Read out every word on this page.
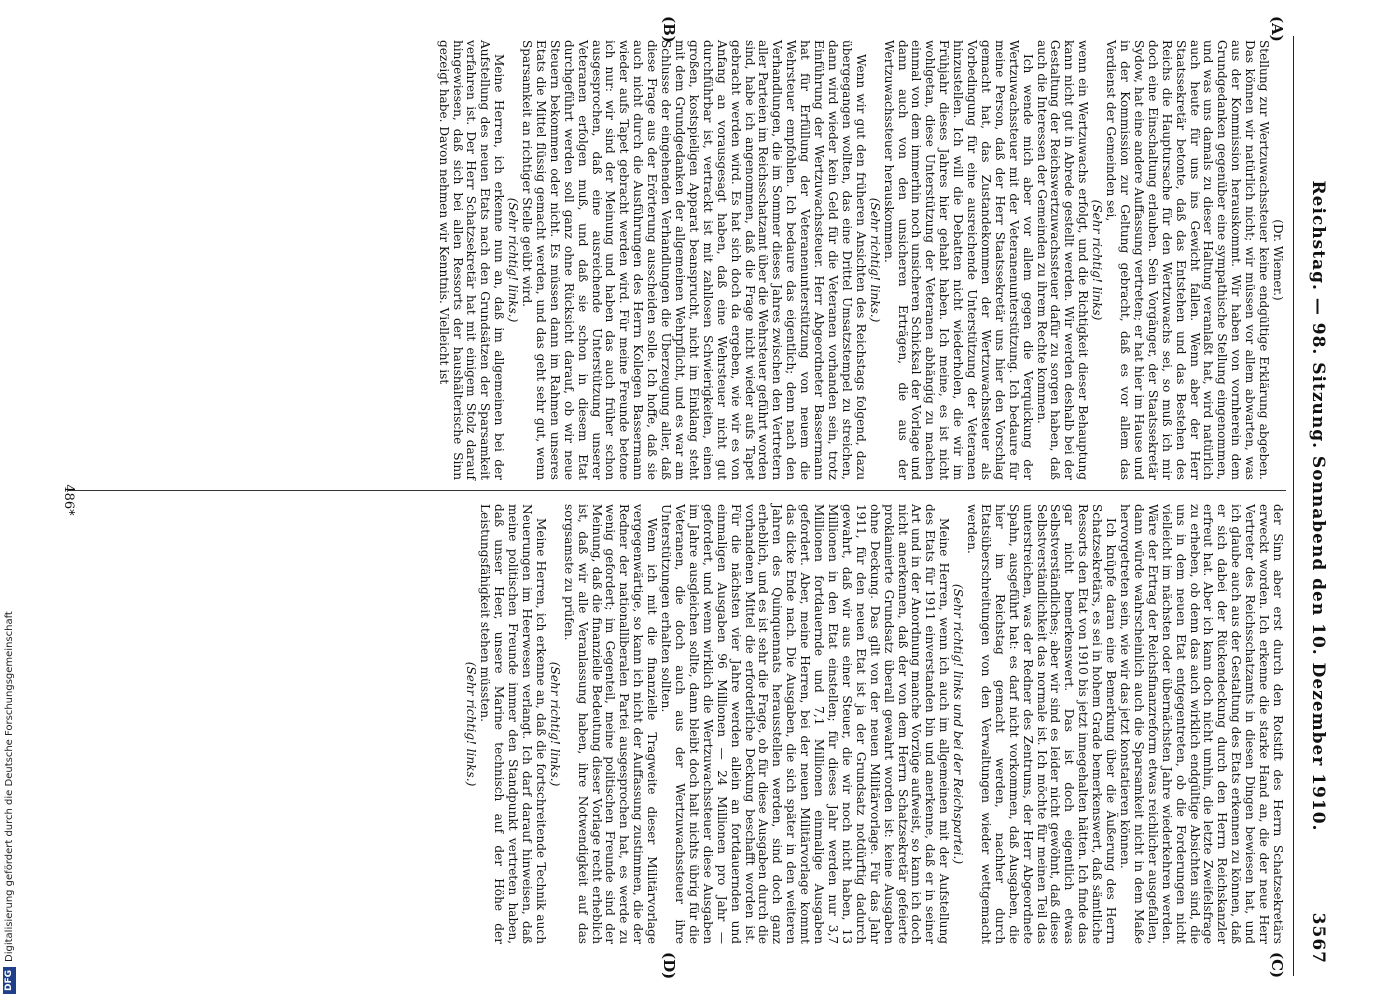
Reichstag. — 98. Sitzung. Sonnabend den 10. Dezember 1910.
3567
(A)
(B)
(C)
(D)

(Dr. Wiemer.)

Stellung zur Wertzuwachssteuer keine endgültige Erklärung abgeben. Das können wir natürlich nicht; wir müssen vor allem abwarten, was aus der Kommission herauskommt. Wir haben von vornherein dem Grundgedanken gegenüber eine sympathische Stellung eingenommen, und was uns damals zu dieser Haltung veranlaßt hat, wird natürlich auch heute für uns ins Gewicht fallen. Wenn aber der Herr Staatssekretär betonte, daß das Entstehen und das Bestehen des Reichs die Hauptursache für den Wertzuwachs sei, so muß ich mir doch eine Einschaltung erlauben. Sein Vorgänger, der Staatssekretär Sydow, hat eine andere Auffassung vertreten; er hat hier im Hause und in der Kommission zur Geltung gebracht, daß es vor allem das Verdienst der Gemeinden sei,

(Sehr richtig! links)

wenn ein Wertzuwachs erfolgt, und die Richtigkeit dieser Behauptung kann nicht gut in Abrede gestellt werden. Wir werden deshalb bei der Gestaltung der Reichswertzuwachssteuer dafür zu sorgen haben, daß auch die Interessen der Gemeinden zu ihrem Rechte kommen.

Ich wende mich aber vor allem gegen die Verquickung der Wertzuwachssteuer mit der Veteranenunterstützung. Ich bedaure für meine Person, daß der Herr Staatssekretär uns hier den Vorschlag gemacht hat, das Zustandekommen der Wertzuwachssteuer als Vorbedingung für eine ausreichende Unterstützung der Veteranen hinzustellen. Ich will die Debatten nicht wiederholen, die wir im Frühjahr dieses Jahres hier gehabt haben. Ich meine, es ist nicht wohlgetan, diese Unterstützung der Veteranen abhängig zu machen einmal von dem immerhin noch unsicheren Schicksal der Vorlage und dann auch von den unsicheren Erträgen, die aus der Wertzuwachssteuer herauskommen.

(Sehr richtig! links.)

Wenn wir gut den früheren Ansichten des Reichstags folgend, dazu übergegangen wollten, das eine Drittel Umsatzstempel zu streichen, dann wird wieder kein Geld für die Veteranen vorhanden sein, trotz Einführung der Wertzuwachssteuer. Herr Abgeordneter Bassermann hat für Erfüllung der Veteranenunterstützung von neuem die Wehrsteuer empfohlen. Ich bedaure das eigentlich; denn nach den Verhandlungen, die im Sommer dieses Jahres zwischen den Vertretern aller Parteien im Reichsschatzamt über die Wehrsteuer geführt worden sind, habe ich angenommen, daß die Frage nicht wieder aufs Tapet gebracht werden wird. Es hat sich doch da ergeben, wie wir es von Anfang an vorausgesagt haben, daß eine Wehrsteuer nicht gut durchführbar ist, vertrackt ist mit zahllosen Schwierigkeiten, einen großen, kostspieligen Apparat beansprucht, nicht im Einklang steht mit dem Grundgedanken der allgemeinen Wehrpflicht, und es war am Schlusse der eingehenden Verhandlungen die Überzeugung aller, daß diese Frage aus der Erörterung ausscheiden solle. Ich hoffe, daß sie auch nicht durch die Ausführungen des Herrn Kollegen Bassermann wieder aufs Tapet gebracht werden wird. Für meine Freunde betone ich nur: wir sind der Meinung und haben das auch früher schon ausgesprochen, daß eine ausreichende Unterstützung unserer Veteranen erfolgen muß, und daß sie schon in diesem Etat durchgeführt werden soll ganz ohne Rücksicht darauf, ob wir neue Steuern bekommen oder nicht. Es müssen dann im Rahmen unseres Etats die Mittel flüssig gemacht werden, und das geht sehr gut, wenn Sparsamkeit an richtiger Stelle geübt wird.

(Sehr richtig! links.)

Meine Herren, ich erkenne nun an, daß im allgemeinen bei der Aufstellung des neuen Etats nach den Grundsätzen der Sparsamkeit verfahren ist. Der Herr Schatzsekretär hat mit einigem Stolz darauf hingewiesen, daß sich bei allen Ressorts der haushälterische Sinn gezeigt habe. Davon nehmen wir Kenntnis. Vielleicht ist

der Sinn aber erst durch den Rotstift des Herrn Schatzsekretärs erweckt worden. Ich erkenne die starke Hand an, die der neue Herr Vertreter des Reichsschatzamts in diesen Dingen bewiesen hat, und ich glaube auch aus der Gestaltung des Etats erkennen zu können, daß er sich dabei der Rückendeckung durch den Herrn Reichskanzler erfreut hat. Aber ich kann doch nicht umhin, die letzte Zweifelsfrage zu erheben, ob denn das auch wirklich endgültige Absichten sind, die uns in dem neuen Etat entgegentreten, ob die Forderungen nicht vielleicht im nächsten oder übernächsten Jahre wiederkehren werden. Wäre der Ertrag der Reichsfinanzreform etwas reichlicher ausgefallen, dann würde wahrscheinlich auch die Sparsamkeit nicht in dem Maße hervorgetreten sein, wie wir das jetzt konstatieren können.

Ich knüpfe daran eine Bemerkung über die Äußerung des Herrn Schatzsekretärs, es sei in hohem Grade bemerkenswert, daß sämtliche Ressorts den Etat von 1910 bis jetzt innegehalten hätten. Ich finde das gar nicht bemerkenswert. Das ist doch eigentlich etwas Selbstverständliches; aber wir sind es leider nicht gewöhnt, daß diese Selbstverständlichkeit das normale ist. Ich möchte für meinen Teil das unterstreichen, was der Redner des Zentrums, der Herr Abgeordnete Spahn, ausgeführt hat: es darf nicht vorkommen, daß Ausgaben, die hier im Reichstag gemacht werden, nachher durch Etatsüberschreitungen von den Verwaltungen wieder wettgemacht werden.

(Sehr richtig! links und bei der Reichspartei.)

Meine Herren, wenn ich auch im allgemeinen mit der Aufstellung des Etats für 1911 einverstanden bin und anerkenne, daß er in seiner Art und in der Anordnung manche Vorzüge aufweist, so kann ich doch nicht anerkennen, daß der von dem Herrn Schatzsekretär gefeierte proklamierte Grundsatz überall gewahrt worden ist: keine Ausgaben ohne Deckung. Das gilt von der neuen Militärvorlage. Für das Jahr 1911, für den neuen Etat ist ja der Grundsatz notdürftig dadurch gewahrt, daß wir aus einer Steuer, die wir noch nicht haben, 13 Millionen in den Etat einstellen; für dieses Jahr werden nur 3,7 Millionen fortdauernde und 7,1 Millionen einmalige Ausgaben gefordert. Aber, meine Herren, bei der neuen Militärvorlage kommt das dicke Ende nach. Die Ausgaben, die sich später in den weiteren Jahren des Quinquennats herausstellen werden, sind doch ganz erheblich, und es ist sehr die Frage, ob für diese Ausgaben durch die vorhandenen Mittel die erforderliche Deckung beschafft worden ist. Für die nächsten vier Jahre werden allein an fortdauernden und einmaligen Ausgaben 96 Millionen — 24 Millionen pro Jahr — gefordert, und wenn wirklich die Wertzuwachssteuer diese Ausgaben im Jahre ausgleichen sollte, dann bleibt doch halt nichts übrig für die Veteranen, die doch auch aus der Wertzuwachssteuer ihre Unterstützungen erhalten sollten.

Wenn ich mit die finanzielle Tragweite dieser Militärvorlage vergegenwärtige, so kann ich nicht der Auffassung zustimmen, die der Redner der nationalliberalen Partei ausgesprochen hat, es werde zu wenig gefordert; im Gegenteil, meine politischen Freunde sind der Meinung, daß die finanzielle Bedeutung dieser Vorlage recht erheblich ist, daß wir alle Veranlassung haben, ihre Notwendigkeit auf das sorgsamste zu prüfen.

(Sehr richtig! links.)

Meine Herren, ich erkenne an, daß die fortschreitende Technik auch Neuerungen im Heerwesen verlangt. Ich darf darauf hinweisen, daß meine politischen Freunde immer den Standpunkt vertreten haben, daß unser Heer, unsere Marine technisch auf der Höhe der Leistungsfähigkeit stehen müssten.

(Sehr richtig! links.)

486*
DFGDigitalisierung gefördert durch die Deutsche Forschungsgemeinschaft
